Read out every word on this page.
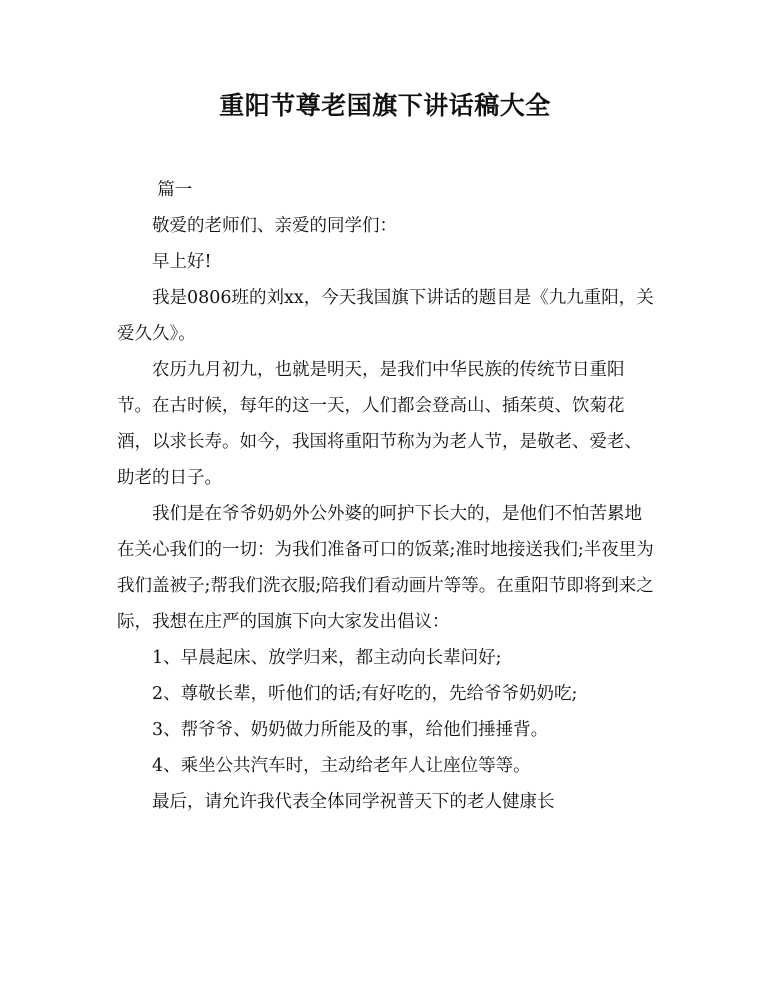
重阳节尊老国旗下讲话稿大全

篇一

敬爱的老师们、亲爱的同学们：

早上好!

我是0806班的刘xx，今天我国旗下讲话的题目是《九九重阳，关爱久久》。

农历九月初九，也就是明天，是我们中华民族的传统节日重阳节。在古时候，每年的这一天，人们都会登高山、插茱萸、饮菊花酒，以求长寿。如今，我国将重阳节称为为老人节，是敬老、爱老、助老的日子。

我们是在爷爷奶奶外公外婆的呵护下长大的，是他们不怕苦累地在关心我们的一切：为我们准备可口的饭菜;准时地接送我们;半夜里为我们盖被子;帮我们洗衣服;陪我们看动画片等等。在重阳节即将到来之际，我想在庄严的国旗下向大家发出倡议：

1、早晨起床、放学归来，都主动向长辈问好;

2、尊敬长辈，听他们的话;有好吃的，先给爷爷奶奶吃;

3、帮爷爷、奶奶做力所能及的事，给他们捶捶背。

4、乘坐公共汽车时，主动给老年人让座位等等。

最后，请允许我代表全体同学祝普天下的老人健康长
